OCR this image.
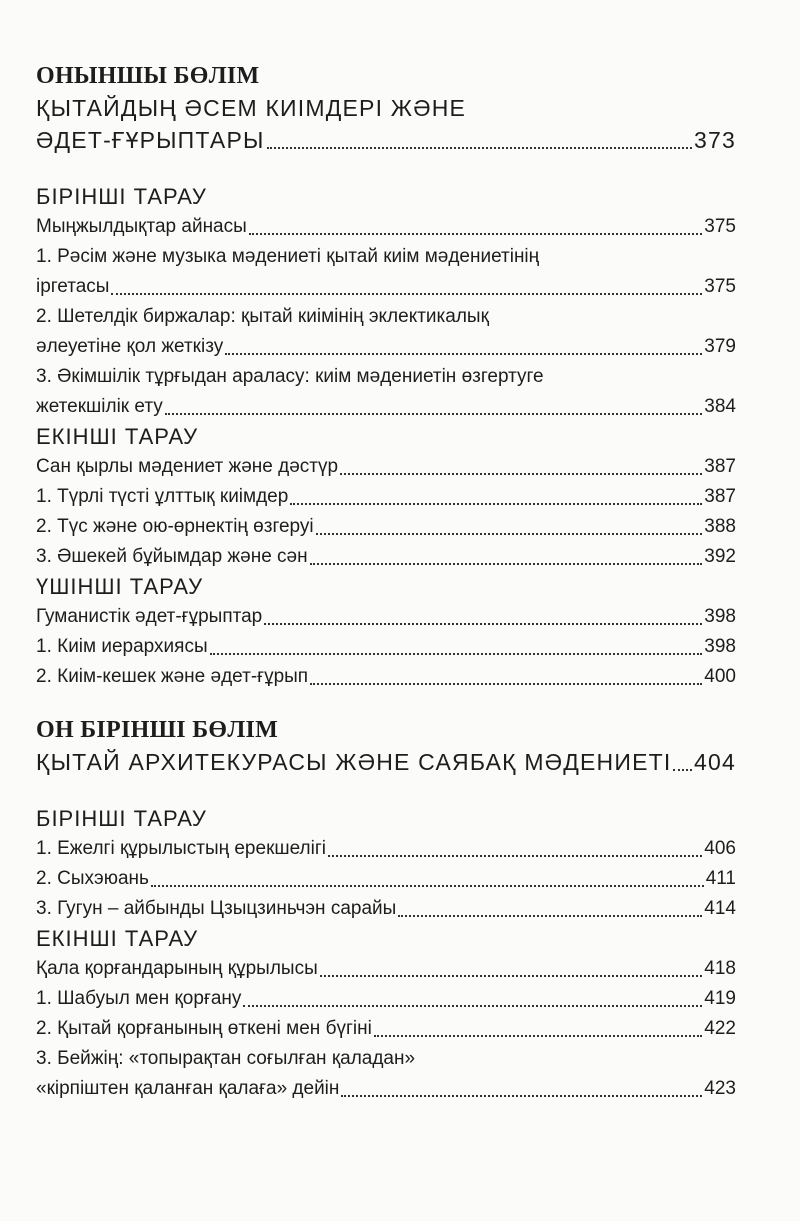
ОНЫНШЫ БӨЛІМ
ҚЫТАЙДЫҢ ӘСЕМ КИІМДЕРІ ЖӘНЕ
ӘДЕТ-ҒҰРЫПТАРЫ	373
БІРІНШІ ТАРАУ
Мыңжылдықтар айнасы	375
1. Рәсім және музыка мәдениеті қытай киім мәдениетінің
іргетасы	375
2. Шетелдік биржалар: қытай киімінің эклектикалық
әлеуетіне қол жеткізу	379
3. Әкімшілік тұрғыдан араласу: киім мәдениетін өзгертуге
жетекшілік ету	384
ЕКІНШІ ТАРАУ
Сан қырлы мәдениет және дәстүр	387
1. Түрлі түсті ұлттық киімдер	387
2. Түс және ою-өрнектің өзгеруі	388
3. Әшекей бұйымдар және сән	392
ҮШІНШІ ТАРАУ
Гуманистік әдет-ғұрыптар	398
1. Киім иерархиясы	398
2. Киім-кешек және әдет-ғұрып	400
ОН БІРІНШІ БӨЛІМ
ҚЫТАЙ АРХИТЕКУРАСЫ ЖӘНЕ САЯБАҚ МӘДЕНИЕТІ 404
БІРІНШІ ТАРАУ
1. Ежелгі құрылыстың ерекшелігі	406
2. Сыхэюань	411
3. Гугун – айбынды Цзыцзиньчэн сарайы	414
ЕКІНШІ ТАРАУ
Қала қорғандарының құрылысы	418
1. Шабуыл мен қорғану	419
2. Қытай қорғанының өткені мен бүгіні	422
3. Бейжің: «топырақтан соғылған қаладан»
«кірпіштен қаланған қалаға» дейін	423
